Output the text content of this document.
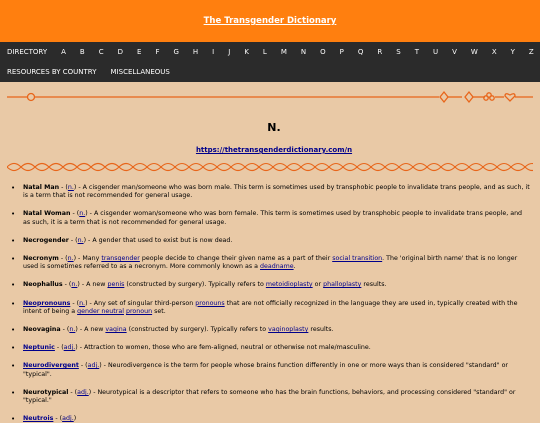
The Transgender Dictionary
DIRECTORY A B C D E F G H I J K L M N O P Q R S T U V W X Y Z
RESOURCES BY COUNTRY MISCELLANEOUS
N.
https://thetransgenderdictionary.com/n
• Natal Man - (n.) - A cisgender man/someone who was born male. This term is sometimes used by transphobic people to invalidate trans people, and as such, it is a term that is not recommended for general usage.
• Natal Woman - (n.) - A cisgender woman/someone who was born female. This term is sometimes used by transphobic people to invalidate trans people, and as such, it is a term that is not recommended for general usage.
• Necrogender - (n.) - A gender that used to exist but is now dead.
• Necronym - (n.) - Many transgender people decide to change their given name as a part of their social transition. The 'original birth name' that is no longer used is sometimes referred to as a necronym. More commonly known as a deadname.
• Neophallus - (n.) - A new penis (constructed by surgery). Typically refers to metoidioplasty or phalloplasty results.
• Neopronouns - (n.) - Any set of singular third-person pronouns that are not officially recognized in the language they are used in, typically created with the intent of being a gender neutral pronoun set.
• Neovagina - (n.) - A new vagina (constructed by surgery). Typically refers to vaginoplasty results.
• Neptunic - (adj.) - Attraction to women, those who are fem-aligned, neutral or otherwise not male/masculine.
• Neurodivergent - (adj.) - Neurodivergence is the term for people whose brains function differently in one or more ways than is considered "standard" or "typical".
• Neurotypical - (adj.) - Neurotypical is a descriptor that refers to someone who has the brain functions, behaviors, and processing considered "standard" or "typical."
• Neutrois - (adj.)
